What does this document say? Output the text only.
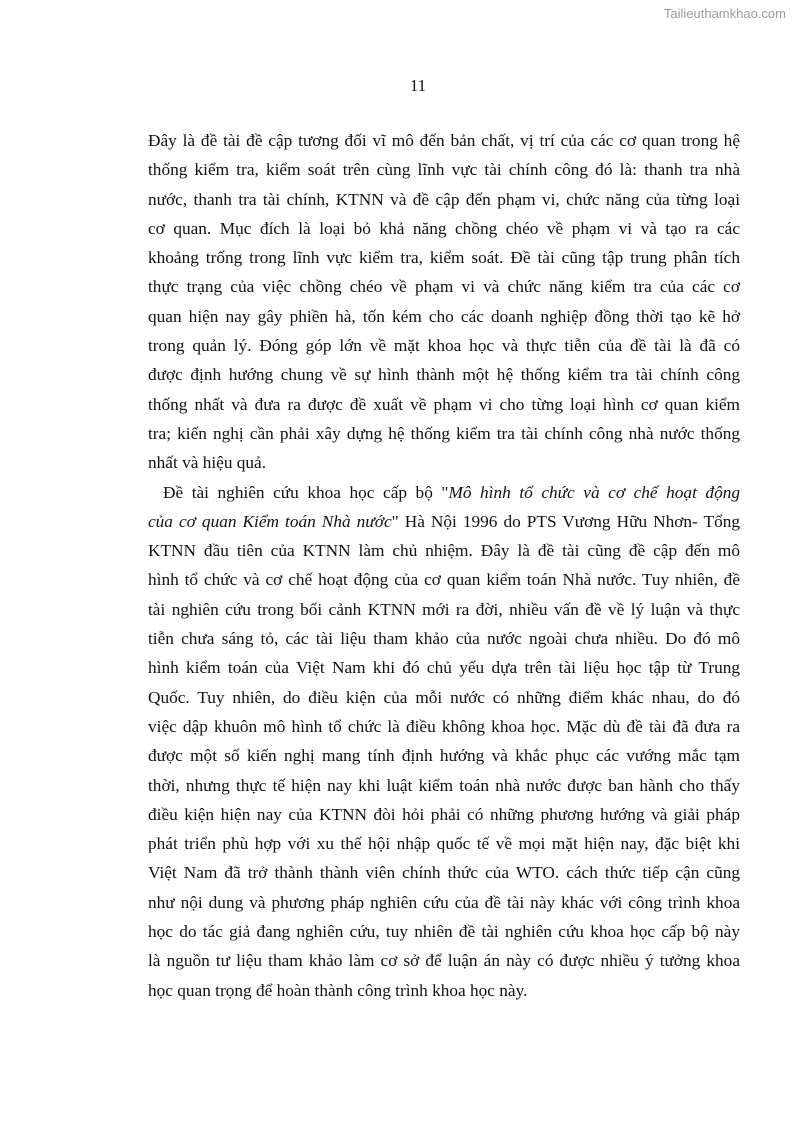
Tailieuthamkhao.com
11
Đây là đề tài đề cập tương đối vĩ mô đến bản chất, vị trí của các cơ quan trong hệ
thống kiểm tra, kiểm soát trên cùng lĩnh vực tài chính công đó là: thanh tra nhà
nước, thanh tra tài chính, KTNN và đề cập đến phạm vi, chức năng của từng loại
cơ quan. Mục đích là loại bỏ khả năng chồng chéo về phạm vi và tạo ra các
khoảng trống trong lĩnh vực kiểm tra, kiểm soát. Đề tài cũng tập trung phân tích
thực trạng của việc chồng chéo về phạm vi và chức năng kiểm tra của các cơ
quan hiện nay gây phiền hà, tốn kém cho các doanh nghiệp đồng thời tạo kẽ hở
trong quản lý. Đóng góp lớn về mặt khoa học và thực tiễn của đề tài là đã có
được định hướng chung về sự hình thành một hệ thống kiểm tra tài chính công
thống nhất và đưa ra được đề xuất về phạm vi cho từng loại hình cơ quan kiểm
tra; kiến nghị cần phải xây dựng hệ thống kiểm tra tài chính công nhà nước thống
nhất và hiệu quả.
Đề tài nghiên cứu khoa học cấp bộ "Mô hình tổ chức và cơ chế hoạt động
của cơ quan Kiểm toán Nhà nước" Hà Nội 1996 do PTS Vương Hữu Nhơn- Tổng
KTNN đầu tiên của KTNN làm chủ nhiệm. Đây là đề tài cũng đề cập đến mô
hình tổ chức và cơ chế hoạt động của cơ quan kiểm toán Nhà nước. Tuy nhiên, đề
tài nghiên cứu trong bối cảnh KTNN mới ra đời, nhiều vấn đề về lý luận và thực
tiễn chưa sáng tỏ, các tài liệu tham khảo của nước ngoài chưa nhiều. Do đó mô
hình kiểm toán của Việt Nam khi đó chủ yếu dựa trên tài liệu học tập từ Trung
Quốc. Tuy nhiên, do điều kiện của mỗi nước có những điểm khác nhau, do đó
việc dập khuôn mô hình tổ chức là điều không khoa học. Mặc dù đề tài đã đưa ra
được một số kiến nghị mang tính định hướng và khắc phục các vướng mắc tạm
thời, nhưng thực tế hiện nay khi luật kiểm toán nhà nước được ban hành cho thấy
điều kiện hiện nay của KTNN đòi hỏi phải có những phương hướng và giải pháp
phát triển phù hợp với xu thế hội nhập quốc tế về mọi mặt hiện nay, đặc biệt khi
Việt Nam đã trở thành thành viên chính thức của WTO. cách thức tiếp cận cũng
như nội dung và phương pháp nghiên cứu của đề tài này khác với công trình khoa
học do tác giả đang nghiên cứu, tuy nhiên đề tài nghiên cứu khoa học cấp bộ này
là nguồn tư liệu tham khảo làm cơ sở để luận án này có được nhiều ý tưởng khoa
học quan trọng để hoàn thành công trình khoa học này.
